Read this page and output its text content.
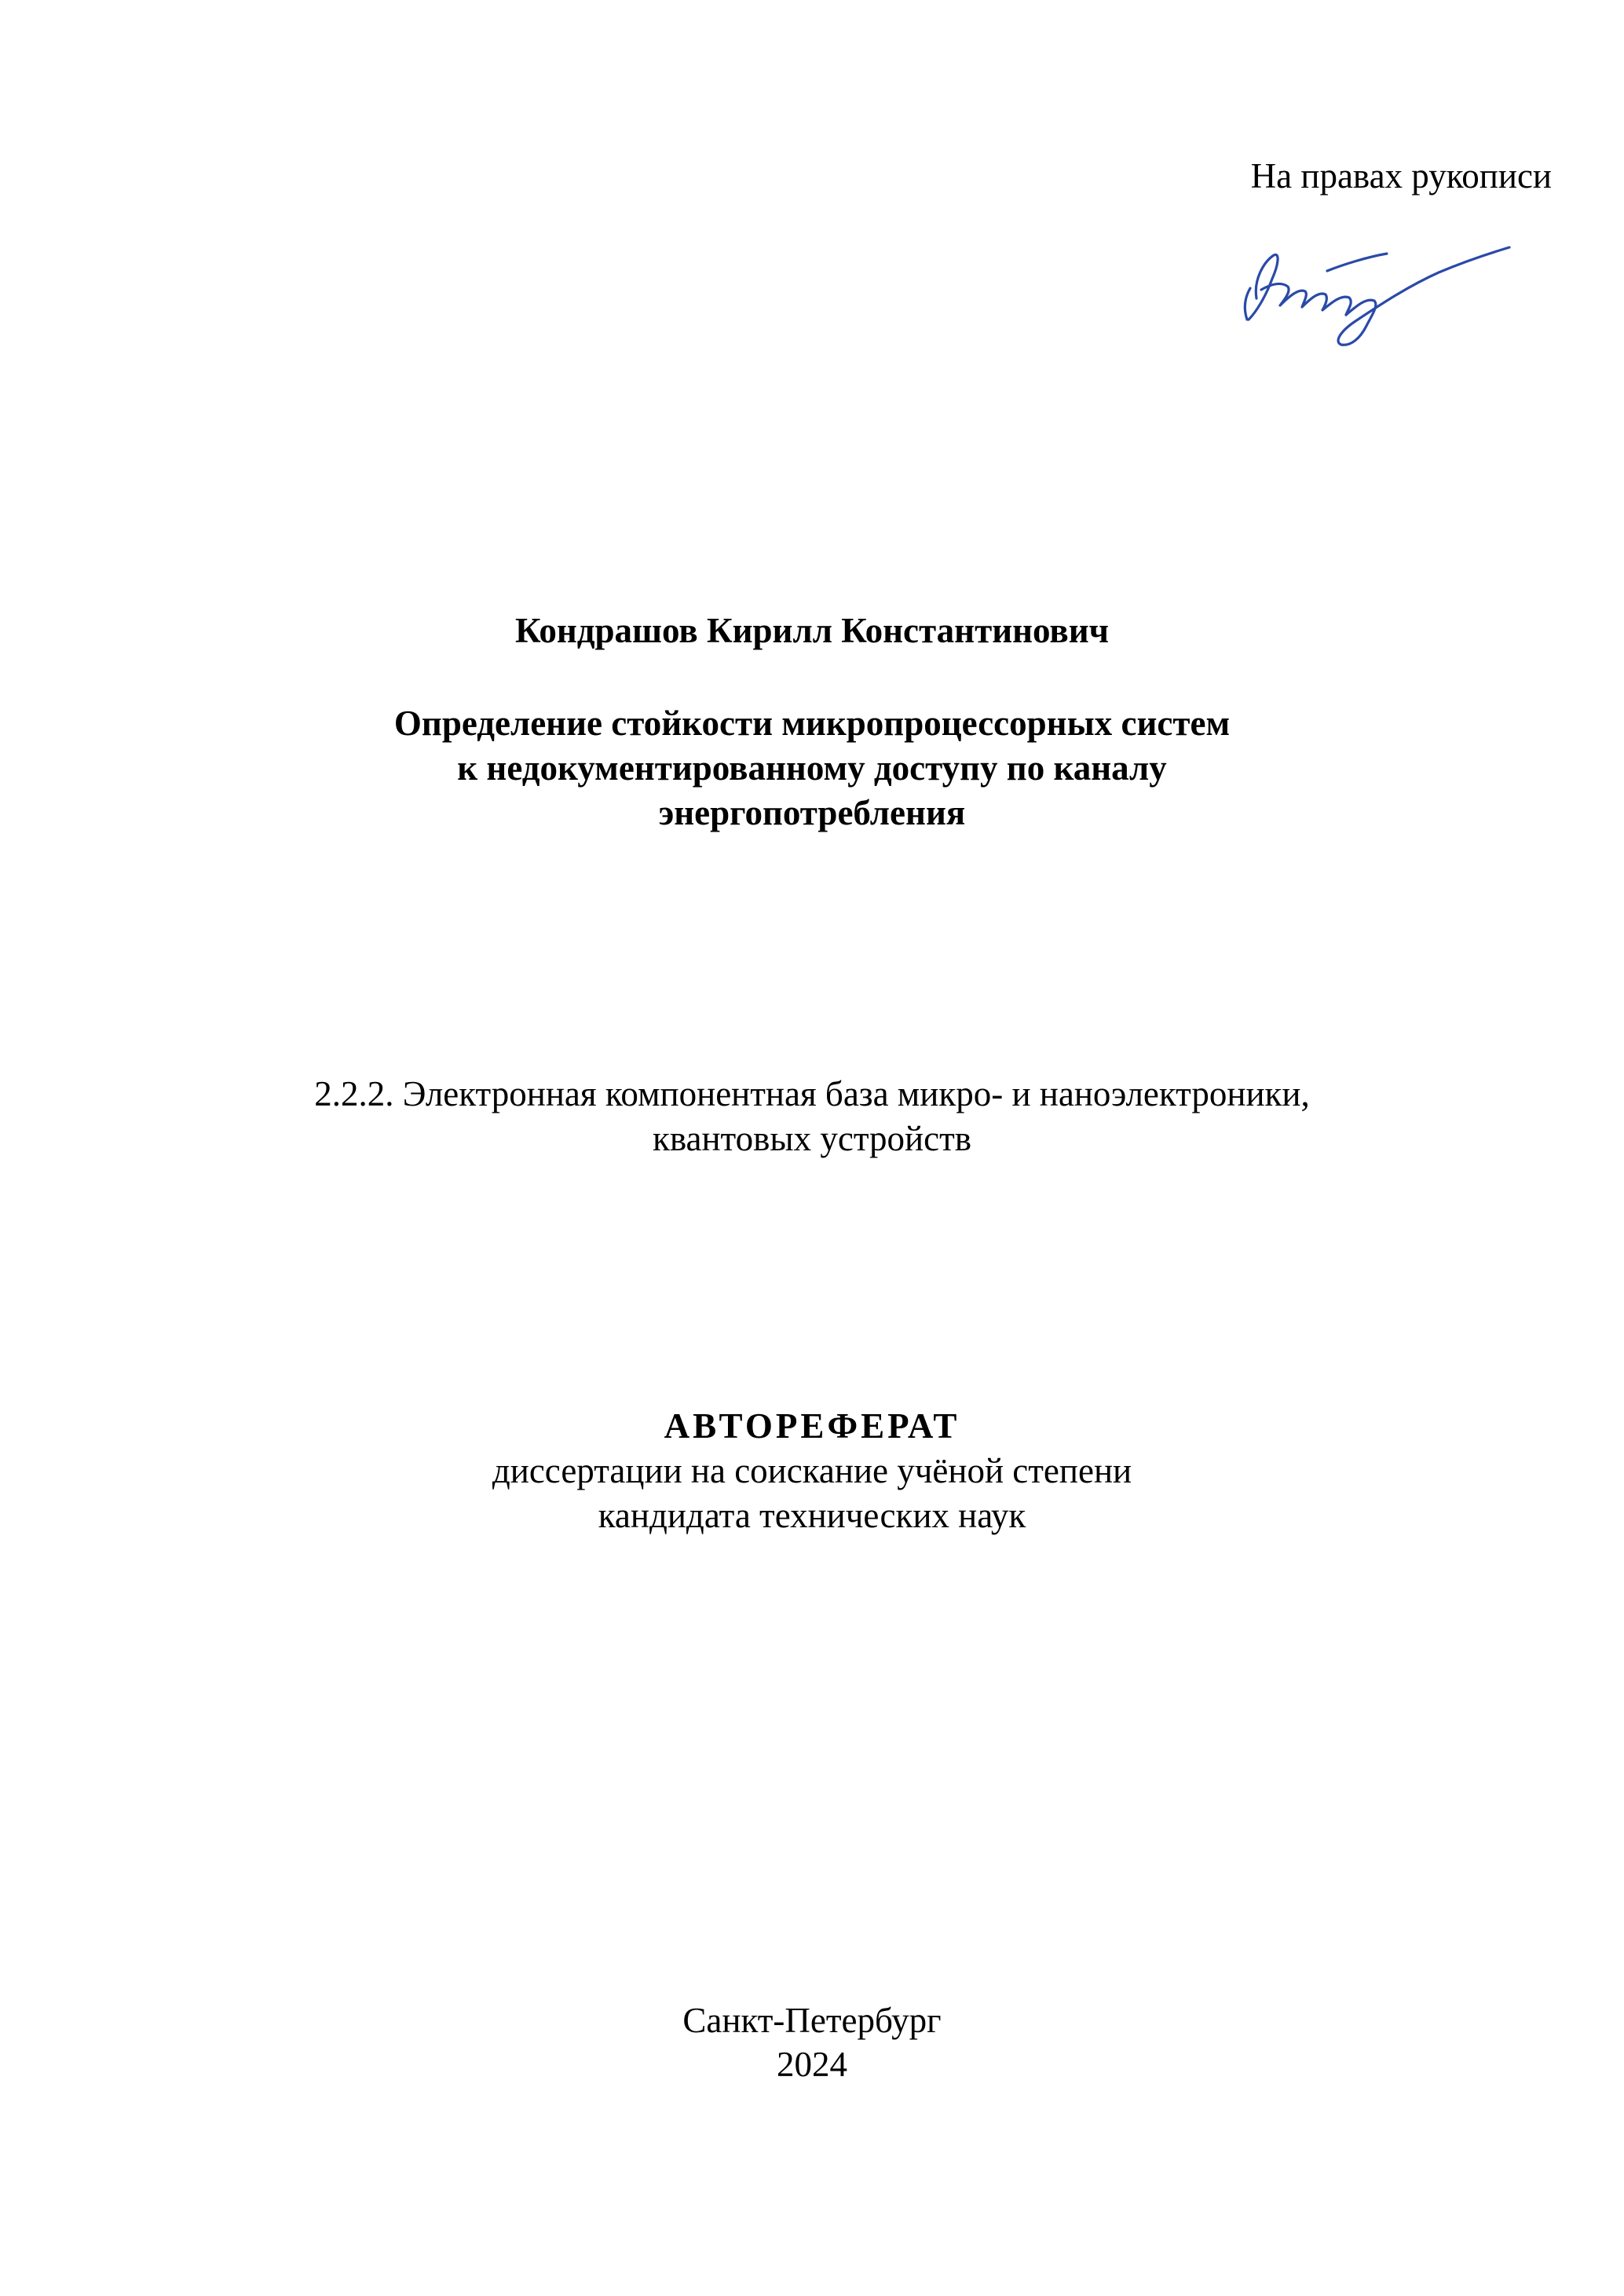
На правах рукописи
Кондрашов Кирилл Константинович
Определение стойкости микропроцессорных систем
к недокументированному доступу по каналу
энергопотребления
2.2.2. Электронная компонентная база микро- и наноэлектроники,
квантовых устройств
АВТОРЕФЕРАТ
диссертации на соискание учёной степени
кандидата технических наук
Санкт-Петербург
2024
